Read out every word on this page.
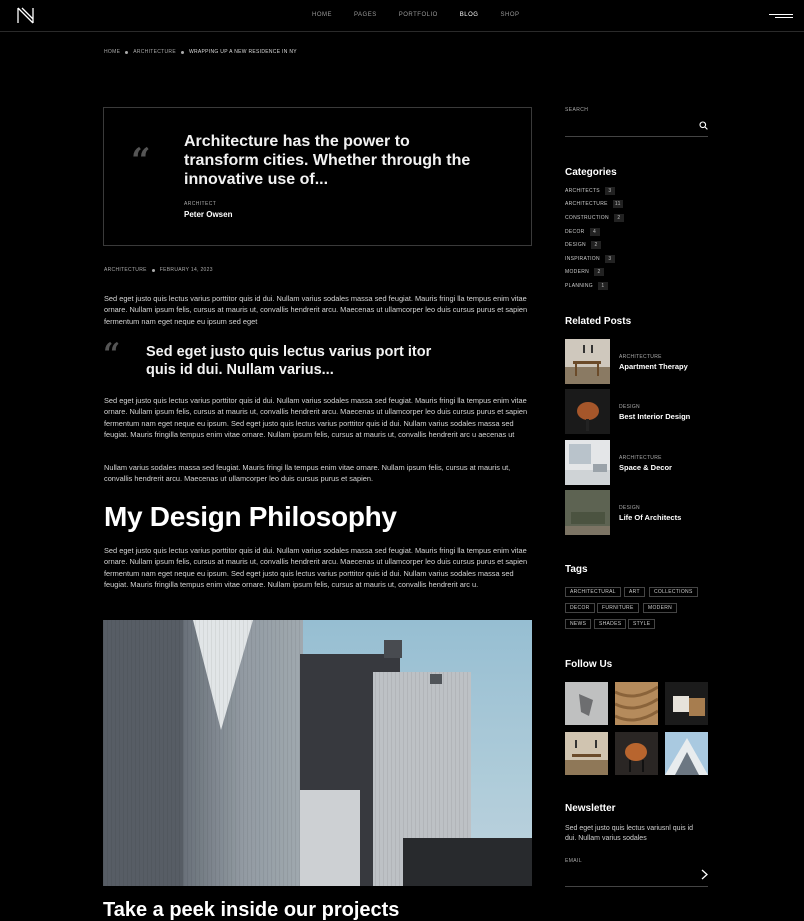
HOME	PAGES	PORTFOLIO	BLOG	SHOP
HOME	ARCHITECTURE	WRAPPING UP A NEW RESIDENCE IN NY
“ Architecture has the power to transform cities. Whether through the innovative use of...
ARCHITECT
Peter Owsen
ARCHITECTURE	FEBRUARY 14, 2023
Sed eget justo quis lectus varius porttitor quis id dui. Nullam varius sodales massa sed feugiat. Mauris fringi lla tempus enim vitae ornare. Nullam ipsum felis, cursus at mauris ut, convallis hendrerit arcu. Maecenas ut ullamcorper leo duis cursus purus et sapien fermentum nam eget neque eu ipsum sed eget
“ Sed eget justo quis lectus varius port itor quis id dui. Nullam varius...
Sed eget justo quis lectus varius porttitor quis id dui. Nullam varius sodales massa sed feugiat. Mauris fringi lla tempus enim vitae ornare. Nullam ipsum felis, cursus at mauris ut, convallis hendrerit arcu. Maecenas ut ullamcorper leo duis cursus purus et sapien fermentum nam eget neque eu ipsum. Sed eget justo quis lectus varius porttitor quis id dui. Nullam varius sodales massa sed feugiat. Mauris fringilla tempus enim vitae ornare. Nullam ipsum felis, cursus at mauris ut, convallis hendrerit arc u aecenas ut
Nullam varius sodales massa sed feugiat. Mauris fringi lla tempus enim vitae ornare. Nullam ipsum felis, cursus at mauris ut, convallis hendrerit arcu. Maecenas ut ullamcorper leo duis cursus purus et sapien.
My Design Philosophy
Sed eget justo quis lectus varius porttitor quis id dui. Nullam varius sodales massa sed feugiat. Mauris fringi lla tempus enim vitae ornare. Nullam ipsum felis, cursus at mauris ut, convallis hendrerit arcu. Maecenas ut ullamcorper leo duis cursus purus et sapien fermentum nam eget neque eu ipsum. Sed eget justo quis lectus varius porttitor quis id dui. Nullam varius sodales massa sed feugiat. Mauris fringilla tempus enim vitae ornare. Nullam ipsum felis, cursus at mauris ut, convallis hendrerit arc u.
Take a peek inside our projects
SEARCH
Categories
ARCHITECTS	3
ARCHITECTURE	11
CONSTRUCTION	2
DECOR	4
DESIGN	2
INSPIRATION	3
MODERN	2
PLANNING	1
Related Posts
ARCHITECTURE
Apartment Therapy
DESIGN
Best Interior Design
ARCHITECTURE
Space & Decor
DESIGN
Life Of Architects
Tags
ARCHITECTURAL	ART	COLLECTIONS
DECOR	FURNITURE	MODERN
NEWS	SHADES	STYLE
Follow Us
Newsletter
Sed eget justo quis lectus variusnl quis id dui. Nullam varius sodales
EMAIL
